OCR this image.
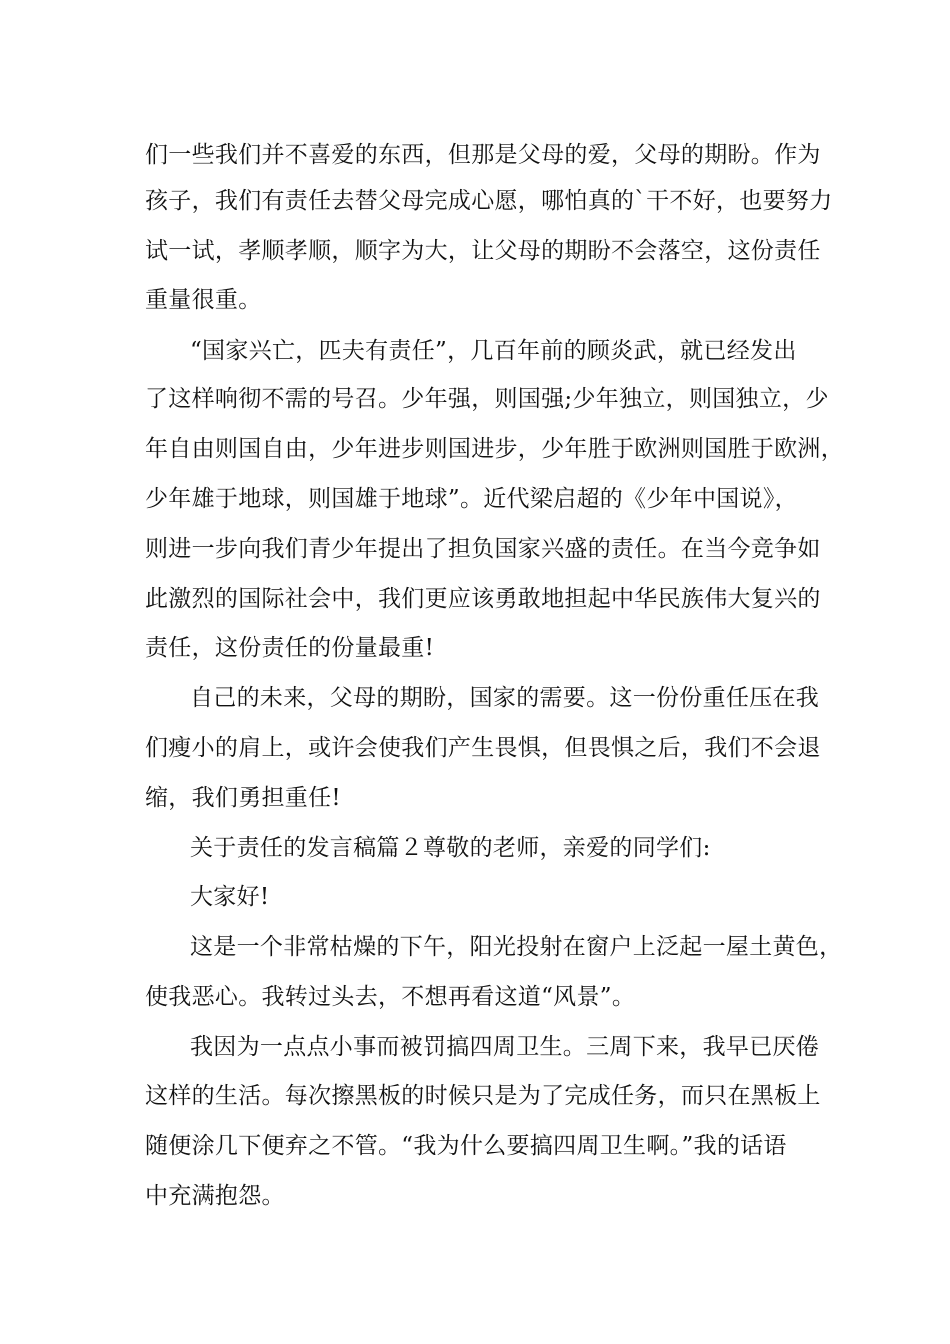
们一些我们并不喜爱的东西，但那是父母的爱，父母的期盼。作为
孩子，我们有责任去替父母完成心愿，哪怕真的`干不好，也要努力
试一试，孝顺孝顺，顺字为大，让父母的期盼不会落空，这份责任
重量很重。
“国家兴亡，匹夫有责任”，几百年前的顾炎武，就已经发出
了这样响彻不需的号召。少年强，则国强;少年独立，则国独立，少
年自由则国自由，少年进步则国进步，少年胜于欧洲则国胜于欧洲，
少年雄于地球，则国雄于地球”。近代梁启超的《少年中国说》，
则进一步向我们青少年提出了担负国家兴盛的责任。在当今竞争如
此激烈的国际社会中，我们更应该勇敢地担起中华民族伟大复兴的
责任，这份责任的份量最重!
自己的未来，父母的期盼，国家的需要。这一份份重任压在我
们瘦小的肩上，或许会使我们产生畏惧，但畏惧之后，我们不会退
缩，我们勇担重任!
关于责任的发言稿篇２尊敬的老师，亲爱的同学们:
大家好!
这是一个非常枯燥的下午，阳光投射在窗户上泛起一屋土黄色，
使我恶心。我转过头去，不想再看这道“风景”。
我因为一点点小事而被罚搞四周卫生。三周下来，我早已厌倦
这样的生活。每次擦黑板的时候只是为了完成任务，而只在黑板上
随便涂几下便弃之不管。“我为什么要搞四周卫生啊。”我的话语
中充满抱怨。
